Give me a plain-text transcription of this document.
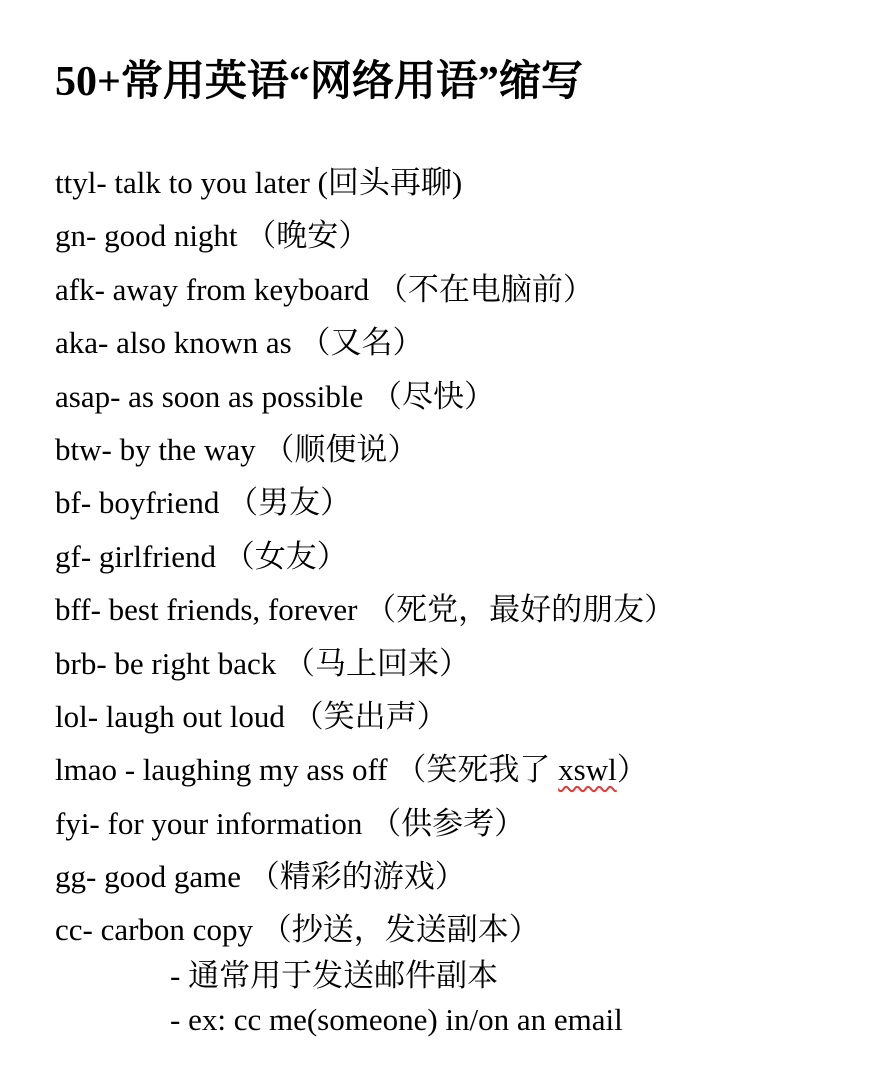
50+常用英语“网络用语”缩写
ttyl- talk to you later (回头再聊)
gn- good night （晚安）
afk- away from keyboard （不在电脑前）
aka- also known as （又名）
asap- as soon as possible （尽快）
btw- by the way （顺便说）
bf- boyfriend （男友）
gf- girlfriend （女友）
bff- best friends, forever （死党，最好的朋友）
brb- be right back （马上回来）
lol- laugh out loud （笑出声）
lmao - laughing my ass off （笑死我了 xswl）
fyi- for your information （供参考）
gg- good game （精彩的游戏）
cc- carbon copy （抄送，发送副本）
- 通常用于发送邮件副本
- ex: cc me(someone) in/on an email
